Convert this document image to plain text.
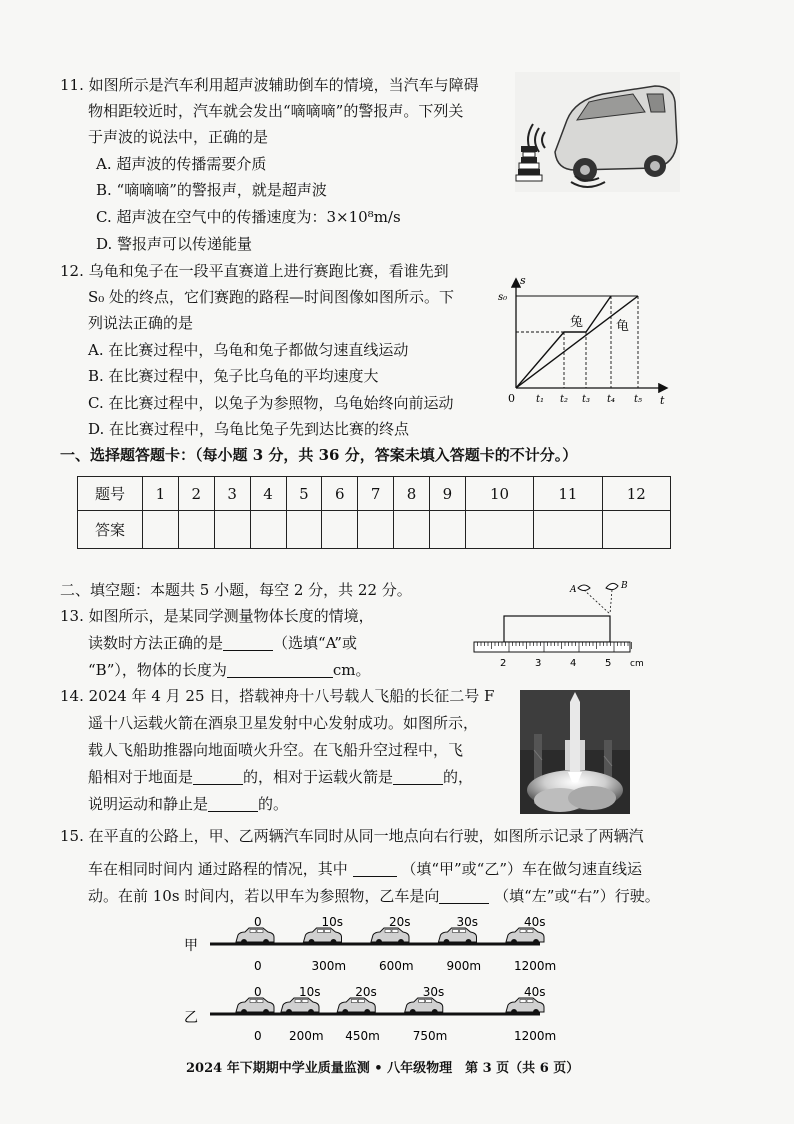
11. 如图所示是汽车利用超声波辅助倒车的情境，当汽车与障碍
物相距较近时，汽车就会发出“嘀嘀嘀”的警报声。下列关
于声波的说法中，正确的是
A. 超声波的传播需要介质
B. “嘀嘀嘀”的警报声，就是超声波
C. 超声波在空气中的传播速度为：3×10⁸m/s
D. 警报声可以传递能量
12. 乌龟和兔子在一段平直赛道上进行赛跑比赛，看谁先到
S₀ 处的终点，它们赛跑的路程—时间图像如图所示。下
列说法正确的是
A. 在比赛过程中，乌龟和兔子都做匀速直线运动
B. 在比赛过程中，兔子比乌龟的平均速度大
C. 在比赛过程中，以兔子为参照物，乌龟始终向前运动
D. 在比赛过程中，乌龟比兔子先到达比赛的终点
s
s₀
兔	龟
0 t₁ t₂ t₃ t₄ t₅ t
一、选择题答题卡：（每小题 3 分，共 36 分，答案未填入答题卡的不计分。）
题号	1	2	3	4	5	6	7	8	9	10	11	12
答案												
二、填空题：本题共 5 小题，每空 2 分，共 22 分。
13. 如图所示，是某同学测量物体长度的情境，
读数时方法正确的是	（选填“A”或
“B”），物体的长度为	cm。
A	B
2	3	4	5 cm
14. 2024 年 4 月 25 日，搭载神舟十八号载人飞船的长征二号 F
遥十八运载火箭在酒泉卫星发射中心发射成功。如图所示，
载人飞船助推器向地面喷火升空。在飞船升空过程中，飞
船相对于地面是	的，相对于运载火箭是	的，
说明运动和静止是	的。
15. 在平直的公路上，甲、乙两辆汽车同时从同一地点向右行驶，如图所示记录了两辆汽
车在相同时间内 通过路程的情况，其中	（填“甲”或“乙”）车在做匀速直线运
动。在前 10s 时间内，若以甲车为参照物，乙车是向	（填“左”或“右”）行驶。
甲
0	10s	20s	30s	40s
0	300m	600m	900m	1200m
乙
0	10s	20s	30s	40s
0 200m 450m	750m	1200m
2024 年下期期中学业质量监测 • 八年级物理　第 3 页（共 6 页）
